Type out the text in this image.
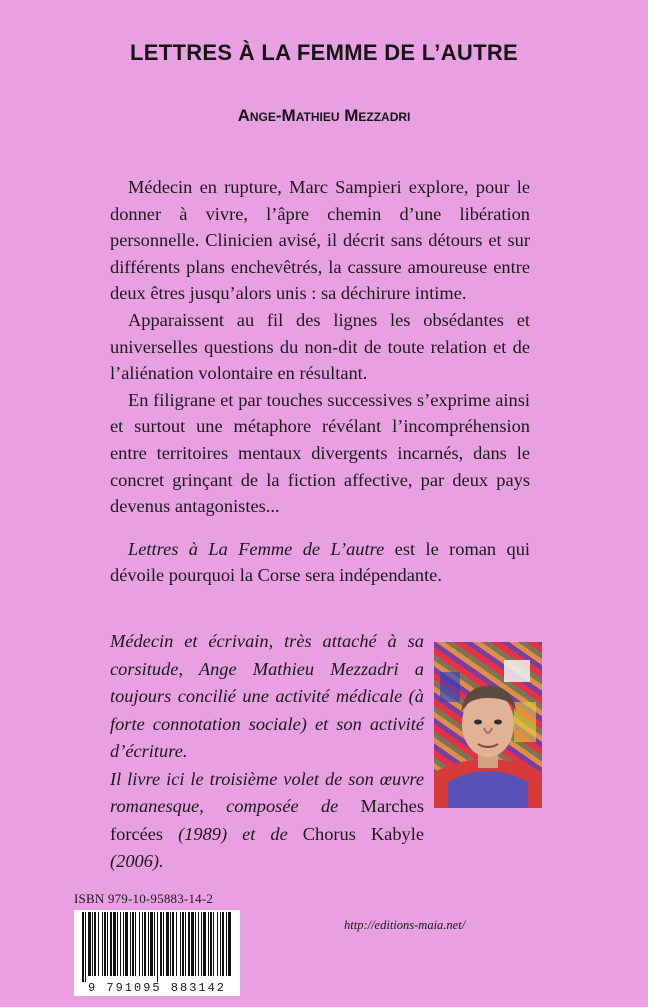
LETTRES À LA FEMME DE L’AUTRE
Ange-Mathieu Mezzadri

Médecin en rupture, Marc Sampieri explore, pour le donner à vivre, l’âpre chemin d’une libération personnelle. Clinicien avisé, il décrit sans détours et sur différents plans enchevêtrés, la cassure amoureuse entre deux êtres jusqu’alors unis : sa déchirure intime.

Apparaissent au fil des lignes les obsédantes et universelles questions du non-dit de toute relation et de l’aliénation volontaire en résultant.

En filigrane et par touches successives s’exprime ainsi et surtout une métaphore révélant l’incompréhension entre territoires mentaux divergents incarnés, dans le concret grinçant de la fiction affective, par deux pays devenus antagonistes...

Lettres à La Femme de L’autre est le roman qui dévoile pourquoi la Corse sera indépendante.

Médecin et écrivain, très attaché à sa corsitude, Ange Mathieu Mezzadri a toujours concilié une activité médicale (à forte connotation sociale) et son activité d’écriture.

Il livre ici le troisième volet de son œuvre romanesque, composée de Marches forcées (1989) et de Chorus Kabyle (2006).

ISBN 979-10-95883-14-2
9 791095 883142
http://editions-maia.net/
